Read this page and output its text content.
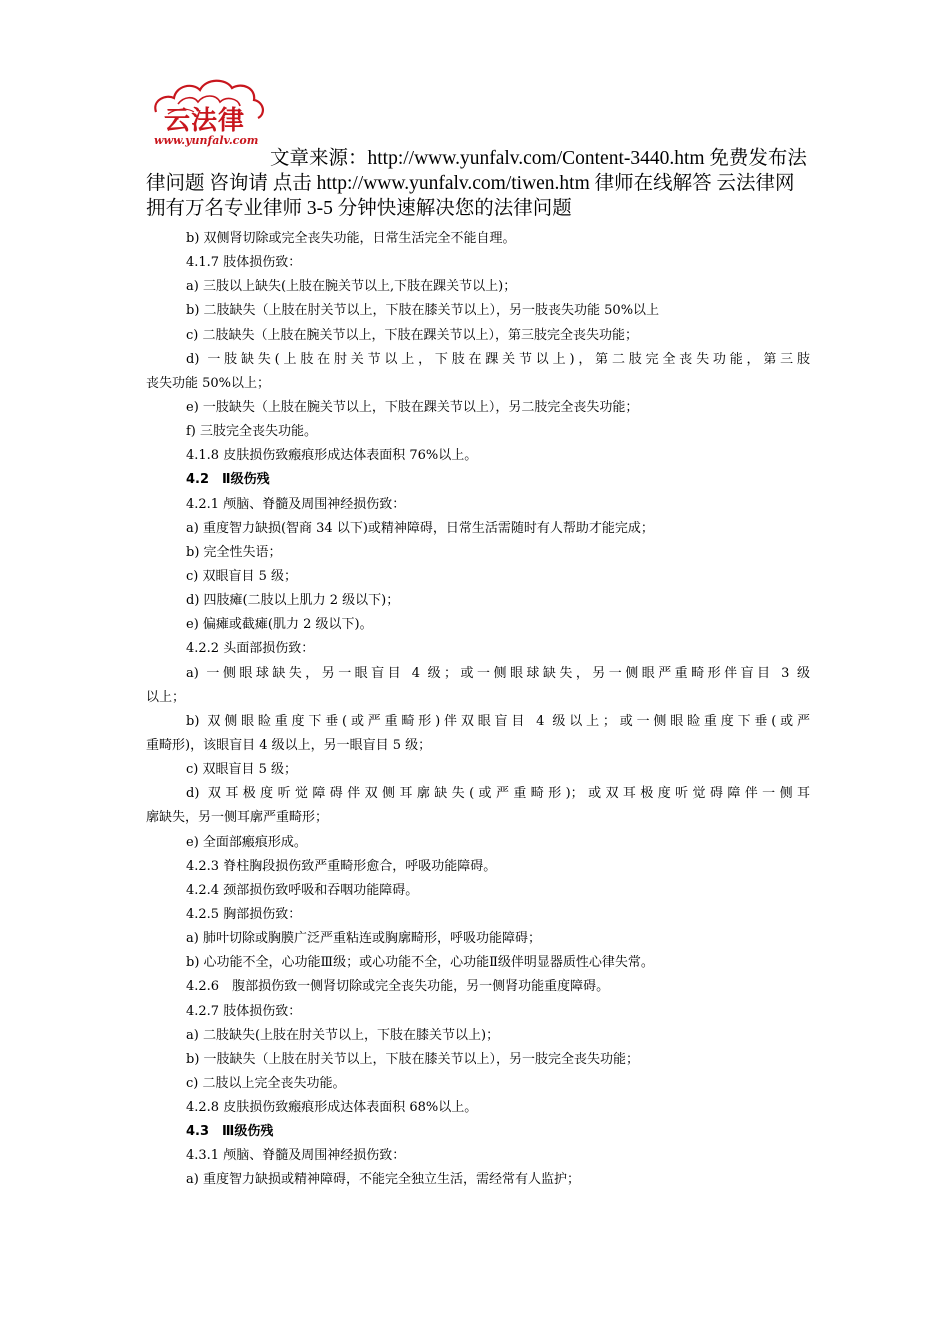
云法律
www.yunfalv.com
文章来源：http://www.yunfalv.com/Content-3440.htm 免费发布法律问题 咨询请 点击 http://www.yunfalv.com/tiwen.htm 律师在线解答 云法律网拥有万名专业律师 3-5 分钟快速解决您的法律问题
b) 双侧肾切除或完全丧失功能，日常生活完全不能自理。
4.1.7 肢体损伤致：
a) 三肢以上缺失(上肢在腕关节以上,下肢在踝关节以上)；
b) 二肢缺失（上肢在肘关节以上，下肢在膝关节以上），另一肢丧失功能 50%以上
c) 二肢缺失（上肢在腕关节以上，下肢在踝关节以上），第三肢完全丧失功能；
d) 一肢缺失(上肢在肘关节以上，下肢在踝关节以上)，第二肢完全丧失功能，第三肢
丧失功能 50%以上；
e) 一肢缺失（上肢在腕关节以上，下肢在踝关节以上），另二肢完全丧失功能；
f) 三肢完全丧失功能。
4.1.8 皮肤损伤致瘢痕形成达体表面积 76%以上。
4.2　Ⅱ级伤残
4.2.1 颅脑、脊髓及周围神经损伤致：
a) 重度智力缺损(智商 34 以下)或精神障碍，日常生活需随时有人帮助才能完成；
b) 完全性失语；
c) 双眼盲目 5 级；
d) 四肢瘫(二肢以上肌力 2 级以下)；
e) 偏瘫或截瘫(肌力 2 级以下)。
4.2.2 头面部损伤致：
a) 一侧眼球缺失，另一眼盲目 4 级；或一侧眼球缺失，另一侧眼严重畸形伴盲目 3 级
以上；
b) 双侧眼睑重度下垂(或严重畸形)伴双眼盲目 4 级以上；或一侧眼睑重度下垂(或严
重畸形)，该眼盲目 4 级以上，另一眼盲目 5 级；
c) 双眼盲目 5 级；
d) 双耳极度听觉障碍伴双侧耳廓缺失(或严重畸形)；或双耳极度听觉碍障伴一侧耳
廓缺失，另一侧耳廓严重畸形；
e) 全面部瘢痕形成。
4.2.3 脊柱胸段损伤致严重畸形愈合，呼吸功能障碍。
4.2.4 颈部损伤致呼吸和吞咽功能障碍。
4.2.5 胸部损伤致：
a) 肺叶切除或胸膜广泛严重粘连或胸廓畸形，呼吸功能障碍；
b) 心功能不全，心功能Ⅲ级；或心功能不全，心功能Ⅱ级伴明显器质性心律失常。
4.2.6　腹部损伤致一侧肾切除或完全丧失功能，另一侧肾功能重度障碍。
4.2.7 肢体损伤致：
a) 二肢缺失(上肢在肘关节以上，下肢在膝关节以上)；
b) 一肢缺失（上肢在肘关节以上，下肢在膝关节以上），另一肢完全丧失功能；
c) 二肢以上完全丧失功能。
4.2.8 皮肤损伤致瘢痕形成达体表面积 68%以上。
4.3　Ⅲ级伤残
4.3.1 颅脑、脊髓及周围神经损伤致：
a) 重度智力缺损或精神障碍，不能完全独立生活，需经常有人监护；
